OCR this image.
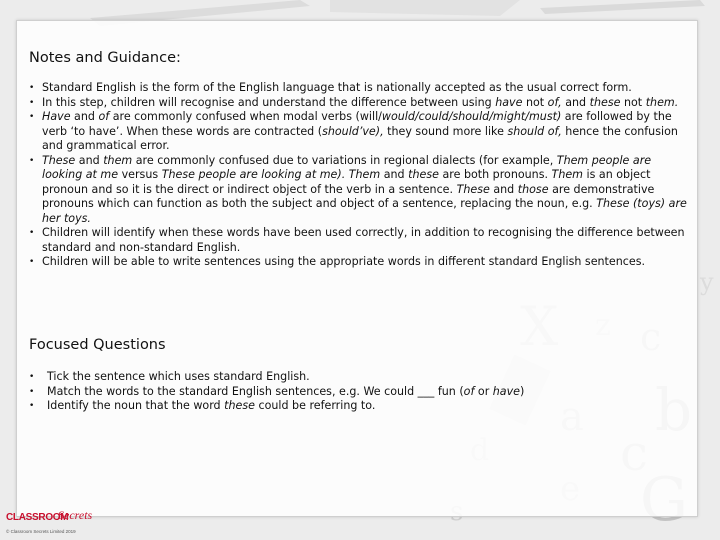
y
Notes and Guidance:
• Standard English is the form of the English language that is nationally accepted as the usual correct form.
• In this step, children will recognise and understand the difference between using have not of, and these not them.
• Have and of are commonly confused when modal verbs (will/would/could/should/might/must) are followed by the verb ‘to have’. When these words are contracted (should’ve), they sound more like should of, hence the confusion and grammatical error.
• These and them are commonly confused due to variations in regional dialects (for example, Them people are looking at me versus These people are looking at me). Them and these are both pronouns. Them is an object pronoun and so it is the direct or indirect object of the verb in a sentence. These and those are demonstrative pronouns which can function as both the subject and object of a sentence, replacing the noun, e.g. These (toys) are her toys.
• Children will identify when these words have been used correctly, in addition to recognising the difference between standard and non-standard English.
• Children will be able to write sentences using the appropriate words in different standard English sentences.
Focused Questions
• Tick the sentence which uses standard English.
• Match the words to the standard English sentences, e.g. We could ___ fun (of or have)
• Identify the noun that the word these could be referring to.
CLASSROOM
Secrets
© Classroom Secrets Limited 2019
